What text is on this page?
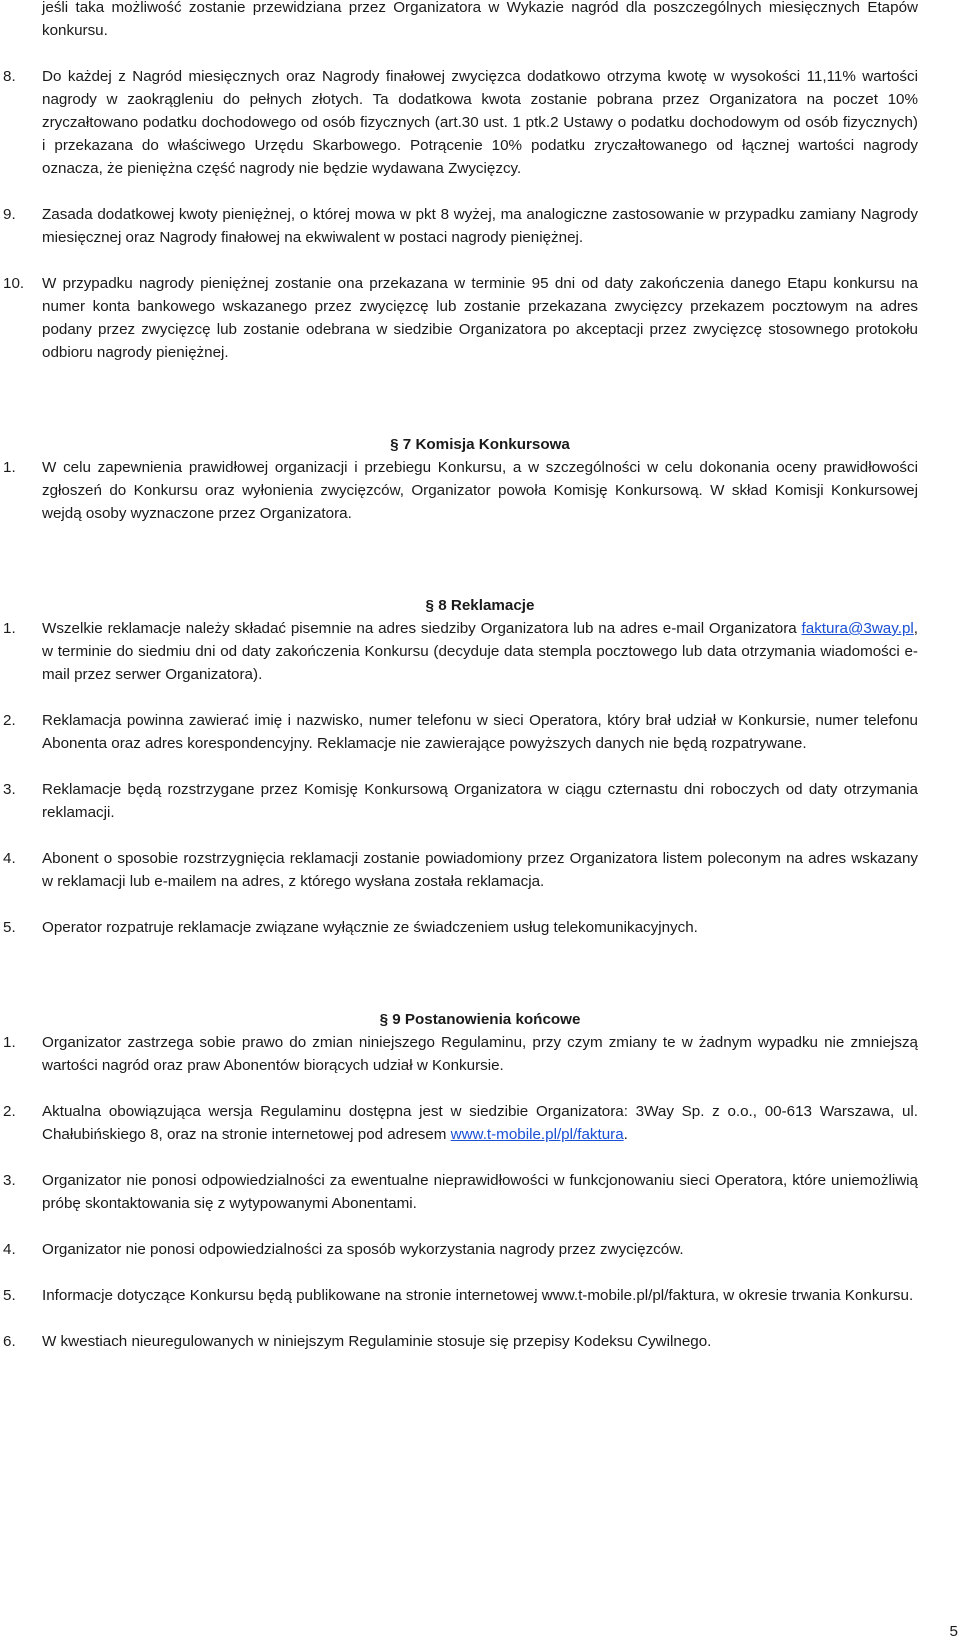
jeśli taka możliwość zostanie przewidziana przez Organizatora w Wykazie nagród dla poszczególnych miesięcznych Etapów konkursu.
8.	Do każdej z Nagród miesięcznych oraz Nagrody finałowej zwycięzca dodatkowo otrzyma kwotę w wysokości 11,11% wartości nagrody w zaokrągleniu do pełnych złotych. Ta dodatkowa kwota zostanie pobrana przez Organizatora na poczet 10% zryczałtowano podatku dochodowego od osób fizycznych (art.30 ust. 1 ptk.2 Ustawy o podatku dochodowym od osób fizycznych) i przekazana do właściwego Urzędu Skarbowego. Potrącenie 10% podatku zryczałtowanego od łącznej wartości nagrody oznacza, że pieniężna część nagrody nie będzie wydawana Zwycięzcy.
9.	Zasada dodatkowej kwoty pieniężnej, o której mowa w pkt 8 wyżej, ma analogiczne zastosowanie w przypadku zamiany Nagrody miesięcznej oraz Nagrody finałowej na ekwiwalent w postaci nagrody pieniężnej.
10.	W przypadku nagrody pieniężnej zostanie ona przekazana w terminie 95 dni od daty zakończenia danego Etapu konkursu na numer konta bankowego wskazanego przez zwycięzcę lub zostanie przekazana zwycięzcy przekazem pocztowym na adres podany przez zwycięzcę lub zostanie odebrana w siedzibie Organizatora po akceptacji przez zwycięzcę stosownego protokołu odbioru nagrody pieniężnej.
§ 7 Komisja Konkursowa
1.	W celu zapewnienia prawidłowej organizacji i przebiegu Konkursu, a w szczególności w celu dokonania oceny prawidłowości zgłoszeń do Konkursu oraz wyłonienia zwycięzców, Organizator powoła Komisję Konkursową. W skład Komisji Konkursowej wejdą osoby wyznaczone przez Organizatora.
§ 8 Reklamacje
1.	Wszelkie reklamacje należy składać pisemnie na adres siedziby Organizatora lub na adres e-mail Organizatora faktura@3way.pl, w terminie do siedmiu dni od daty zakończenia Konkursu (decyduje data stempla pocztowego lub data otrzymania wiadomości e-mail przez serwer Organizatora).
2.	Reklamacja powinna zawierać imię i nazwisko, numer telefonu w sieci Operatora, który brał udział w Konkursie, numer telefonu Abonenta oraz adres korespondencyjny. Reklamacje nie zawierające powyższych danych nie będą rozpatrywane.
3.	Reklamacje będą rozstrzygane przez Komisję Konkursową Organizatora w ciągu czternastu dni roboczych od daty otrzymania reklamacji.
4.	Abonent o sposobie rozstrzygnięcia reklamacji zostanie powiadomiony przez Organizatora listem poleconym na adres wskazany w reklamacji lub e-mailem na adres, z którego wysłana została reklamacja.
5.	Operator rozpatruje reklamacje związane wyłącznie ze świadczeniem usług telekomunikacyjnych.
§ 9 Postanowienia końcowe
1.	Organizator zastrzega sobie prawo do zmian niniejszego Regulaminu, przy czym zmiany te w żadnym wypadku nie zmniejszą wartości nagród oraz praw Abonentów biorących udział w Konkursie.
2.	Aktualna obowiązująca wersja Regulaminu dostępna jest w siedzibie Organizatora: 3Way Sp. z o.o., 00-613 Warszawa, ul. Chałubińskiego 8, oraz na stronie internetowej pod adresem www.t-mobile.pl/pl/faktura.
3.	Organizator nie ponosi odpowiedzialności za ewentualne nieprawidłowości w funkcjonowaniu sieci Operatora, które uniemożliwią próbę skontaktowania się z wytypowanymi Abonentami.
4.	Organizator nie ponosi odpowiedzialności za sposób wykorzystania nagrody przez zwycięzców.
5.	Informacje dotyczące Konkursu będą publikowane na stronie internetowej www.t-mobile.pl/pl/faktura, w okresie trwania Konkursu.
6.	W kwestiach nieuregulowanych w niniejszym Regulaminie stosuje się przepisy Kodeksu Cywilnego.
5
